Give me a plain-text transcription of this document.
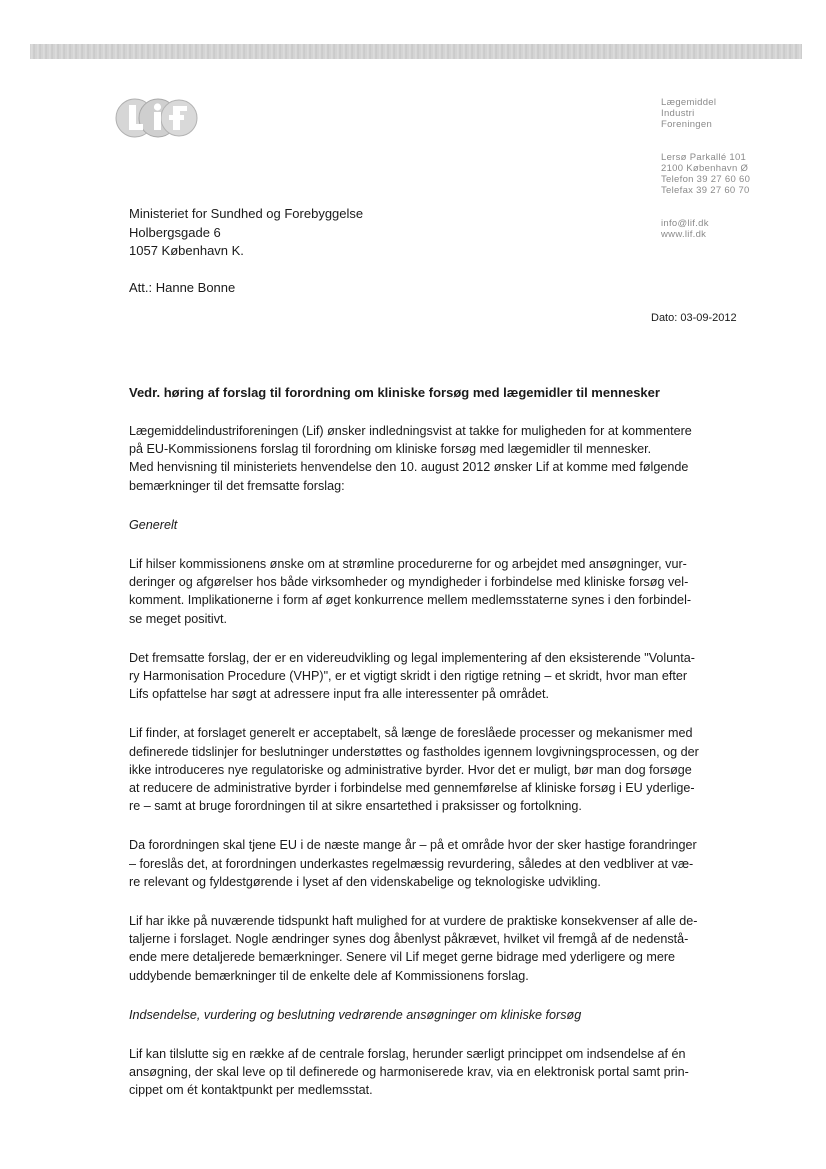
Lægemiddel
Industri
Foreningen
Lersø Parkallé 101
2100 København Ø
Telefon 39 27 60 60
Telefax 39 27 60 70
info@lif.dk
www.lif.dk
Ministeriet for Sundhed og Forebyggelse
Holbergsgade 6
1057 København K.
Att.: Hanne Bonne
Dato: 03-09-2012
Vedr. høring af forslag til forordning om kliniske forsøg med lægemidler til mennesker

Lægemiddelindustriforeningen (Lif) ønsker indledningsvist at takke for muligheden for at kommentere
på EU-Kommissionens forslag til forordning om kliniske forsøg med lægemidler til mennesker.
Med henvisning til ministeriets henvendelse den 10. august 2012 ønsker Lif at komme med følgende
bemærkninger til det fremsatte forslag:

Generelt

Lif hilser kommissionens ønske om at strømline procedurerne for og arbejdet med ansøgninger, vur-
deringer og afgørelser hos både virksomheder og myndigheder i forbindelse med kliniske forsøg vel-
komment. Implikationerne i form af øget konkurrence mellem medlemsstaterne synes i den forbindel-
se meget positivt.

Det fremsatte forslag, der er en videreudvikling og legal implementering af den eksisterende "Volunta-
ry Harmonisation Procedure (VHP)", er et vigtigt skridt i den rigtige retning – et skridt, hvor man efter
Lifs opfattelse har søgt at adressere input fra alle interessenter på området.

Lif finder, at forslaget generelt er acceptabelt, så længe de foreslåede processer og mekanismer med
definerede tidslinjer for beslutninger understøttes og fastholdes igennem lovgivningsprocessen, og der
ikke introduceres nye regulatoriske og administrative byrder. Hvor det er muligt, bør man dog forsøge
at reducere de administrative byrder i forbindelse med gennemførelse af kliniske forsøg i EU yderlige-
re – samt at bruge forordningen til at sikre ensartethed i praksisser og fortolkning.

Da forordningen skal tjene EU i de næste mange år – på et område hvor der sker hastige forandringer
– foreslås det, at forordningen underkastes regelmæssig revurdering, således at den vedbliver at væ-
re relevant og fyldestgørende i lyset af den videnskabelige og teknologiske udvikling.

Lif har ikke på nuværende tidspunkt haft mulighed for at vurdere de praktiske konsekvenser af alle de-
taljerne i forslaget. Nogle ændringer synes dog åbenlyst påkrævet, hvilket vil fremgå af de nedenstå-
ende mere detaljerede bemærkninger. Senere vil Lif meget gerne bidrage med yderligere og mere
uddybende bemærkninger til de enkelte dele af Kommissionens forslag.

Indsendelse, vurdering og beslutning vedrørende ansøgninger om kliniske forsøg

Lif kan tilslutte sig en række af de centrale forslag, herunder særligt princippet om indsendelse af én
ansøgning, der skal leve op til definerede og harmoniserede krav, via en elektronisk portal samt prin-
cippet om ét kontaktpunkt per medlemsstat.
